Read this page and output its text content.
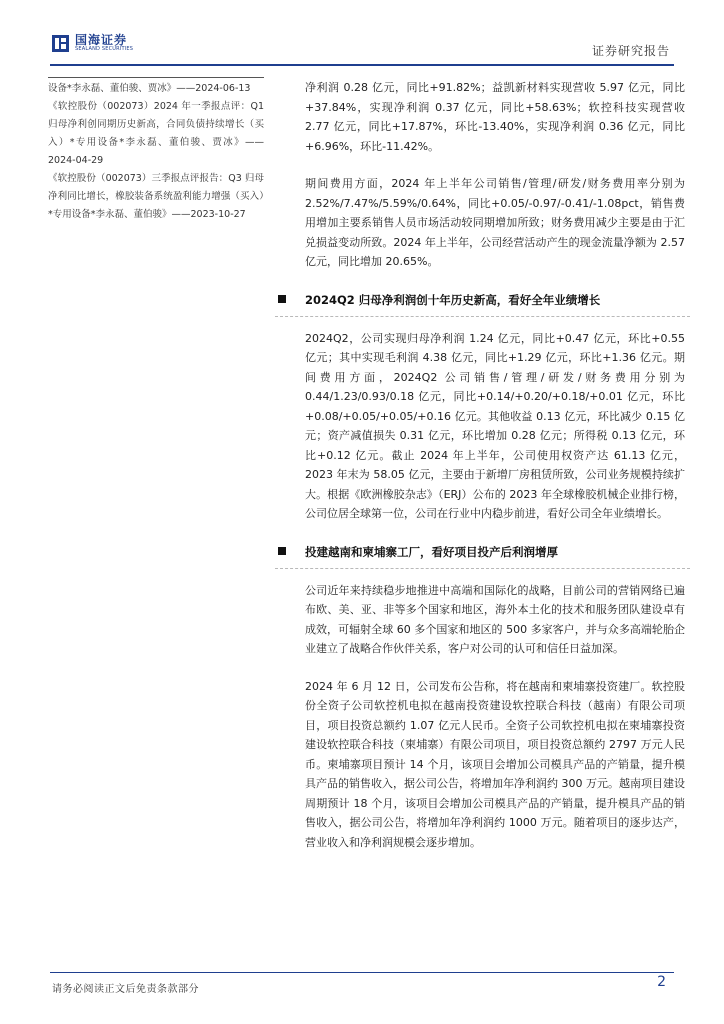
国海证券
SEALAND SECURITIES	证券研究报告

设备*李永磊、董伯骏、贾冰》——2024-06-13

《软控股份（002073）2024 年一季报点评：Q1 归母净利创同期历史新高，合同负债持续增长（买入）*专用设备*李永磊、董伯骏、贾冰》——2024-04-29

《软控股份（002073）三季报点评报告：Q3 归母净利同比增长，橡胶装备系统盈利能力增强（买入）*专用设备*李永磊、董伯骏》——2023-10-27

净利润 0.28 亿元，同比+91.82%；益凯新材料实现营收 5.97 亿元，同比+37.84%，实现净利润 0.37 亿元，同比+58.63%；软控科技实现营收 2.77 亿元，同比+17.87%，环比-13.40%，实现净利润 0.36 亿元，同比+6.96%，环比-11.42%。

期间费用方面，2024 年上半年公司销售/管理/研发/财务费用率分别为 2.52%/7.47%/5.59%/0.64%，同比+0.05/-0.97/-0.41/-1.08pct，销售费用增加主要系销售人员市场活动较同期增加所致；财务费用减少主要是由于汇兑损益变动所致。2024 年上半年，公司经营活动产生的现金流量净额为 2.57 亿元，同比增加 20.65%。

2024Q2 归母净利润创十年历史新高，看好全年业绩增长

2024Q2，公司实现归母净利润 1.24 亿元，同比+0.47 亿元，环比+0.55 亿元；其中实现毛利润 4.38 亿元，同比+1.29 亿元，环比+1.36 亿元。期间费用方面，2024Q2 公司销售/管理/研发/财务费用分别为 0.44/1.23/0.93/0.18 亿元，同比+0.14/+0.20/+0.18/+0.01 亿元，环比+0.08/+0.05/+0.05/+0.16 亿元。其他收益 0.13 亿元，环比减少 0.15 亿元；资产减值损失 0.31 亿元，环比增加 0.28 亿元；所得税 0.13 亿元，环比+0.12 亿元。截止 2024 年上半年，公司使用权资产达 61.13 亿元，2023 年末为 58.05 亿元，主要由于新增厂房租赁所致，公司业务规模持续扩大。根据《欧洲橡胶杂志》（ERJ）公布的 2023 年全球橡胶机械企业排行榜，公司位居全球第一位，公司在行业中内稳步前进，看好公司全年业绩增长。

投建越南和柬埔寨工厂，看好项目投产后利润增厚

公司近年来持续稳步地推进中高端和国际化的战略，目前公司的营销网络已遍布欧、美、亚、非等多个国家和地区，海外本土化的技术和服务团队建设卓有成效，可辐射全球 60 多个国家和地区的 500 多家客户，并与众多高端轮胎企业建立了战略合作伙伴关系，客户对公司的认可和信任日益加深。

2024 年 6 月 12 日，公司发布公告称，将在越南和柬埔寨投资建厂。软控股份全资子公司软控机电拟在越南投资建设软控联合科技（越南）有限公司项目，项目投资总额约 1.07 亿元人民币。全资子公司软控机电拟在柬埔寨投资建设软控联合科技（柬埔寨）有限公司项目，项目投资总额约 2797 万元人民币。柬埔寨项目预计 14 个月，该项目会增加公司模具产品的产销量，提升模具产品的销售收入，据公司公告，将增加年净利润约 300 万元。越南项目建设周期预计 18 个月，该项目会增加公司模具产品的产销量，提升模具产品的销售收入，据公司公告，将增加年净利润约 1000 万元。随着项目的逐步达产，营业收入和净利润规模会逐步增加。

请务必阅读正文后免责条款部分	2
